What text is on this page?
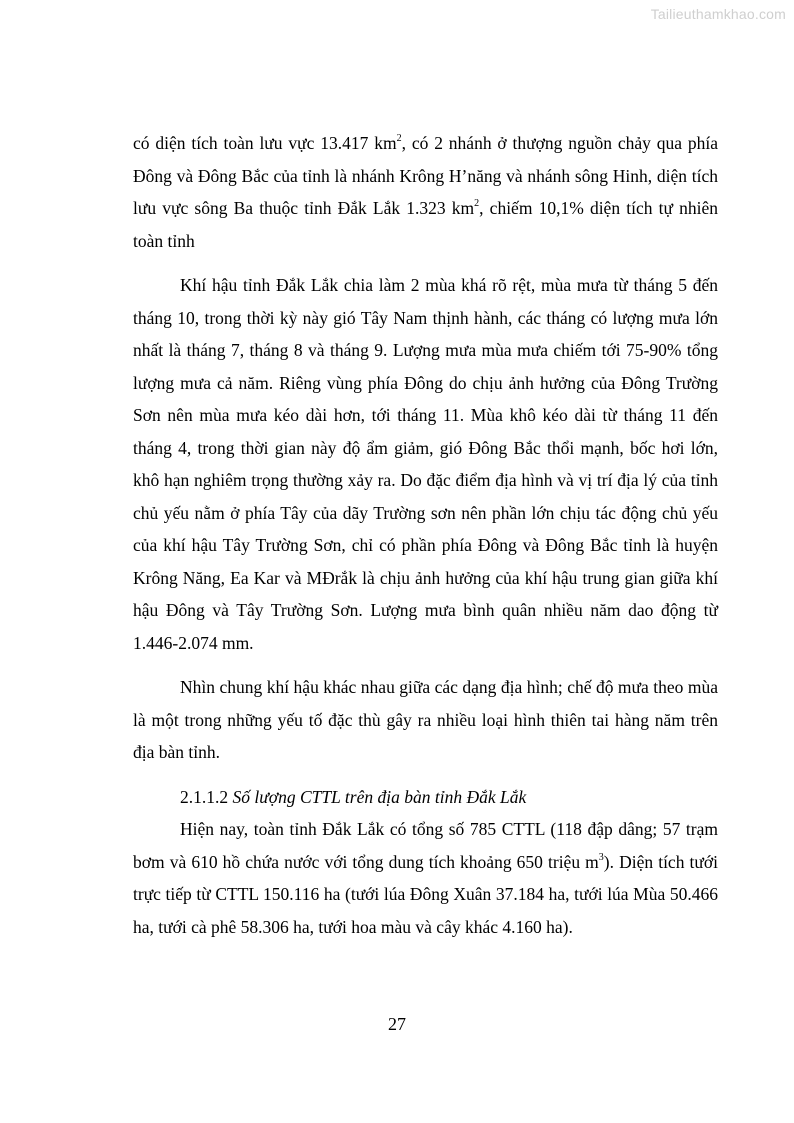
Tailieuthamkhao.com

có diện tích toàn lưu vực 13.417 $km^2$, có 2 nhánh ở thượng nguồn chảy qua phía Đông và Đông Bắc của tỉnh là nhánh Krông H’năng và nhánh sông Hinh, diện tích lưu vực sông Ba thuộc tỉnh Đắk Lắk 1.323 $km^2$, chiếm 10,1% diện tích tự nhiên toàn tỉnh

Khí hậu tỉnh Đắk Lắk chia làm 2 mùa khá rõ rệt, mùa mưa từ tháng 5 đến tháng 10, trong thời kỳ này gió Tây Nam thịnh hành, các tháng có lượng mưa lớn nhất là tháng 7, tháng 8 và tháng 9. Lượng mưa mùa mưa chiếm tới 75-90% tổng lượng mưa cả năm. Riêng vùng phía Đông do chịu ảnh hưởng của Đông Trường Sơn nên mùa mưa kéo dài hơn, tới tháng 11. Mùa khô kéo dài từ tháng 11 đến tháng 4, trong thời gian này độ ẩm giảm, gió Đông Bắc thổi mạnh, bốc hơi lớn, khô hạn nghiêm trọng thường xảy ra. Do đặc điểm địa hình và vị trí địa lý của tỉnh chủ yếu nằm ở phía Tây của dãy Trường sơn nên phần lớn chịu tác động chủ yếu của khí hậu Tây Trường Sơn, chỉ có phần phía Đông và Đông Bắc tỉnh là huyện Krông Năng, Ea Kar và MĐrắk là chịu ảnh hưởng của khí hậu trung gian giữa khí hậu Đông và Tây Trường Sơn. Lượng mưa bình quân nhiều năm dao động từ 1.446-2.074 mm.

Nhìn chung khí hậu khác nhau giữa các dạng địa hình; chế độ mưa theo mùa là một trong những yếu tố đặc thù gây ra nhiều loại hình thiên tai hàng năm trên địa bàn tỉnh.

2.1.1.2 Số lượng CTTL trên địa bàn tỉnh Đắk Lắk

Hiện nay, toàn tỉnh Đắk Lắk có tổng số 785 CTTL (118 đập dâng; 57 trạm bơm và 610 hồ chứa nước với tổng dung tích khoảng 650 triệu $m^3$). Diện tích tưới trực tiếp từ CTTL 150.116 ha (tưới lúa Đông Xuân 37.184 ha, tưới lúa Mùa 50.466 ha, tưới cà phê 58.306 ha, tưới hoa màu và cây khác 4.160 ha).

27
